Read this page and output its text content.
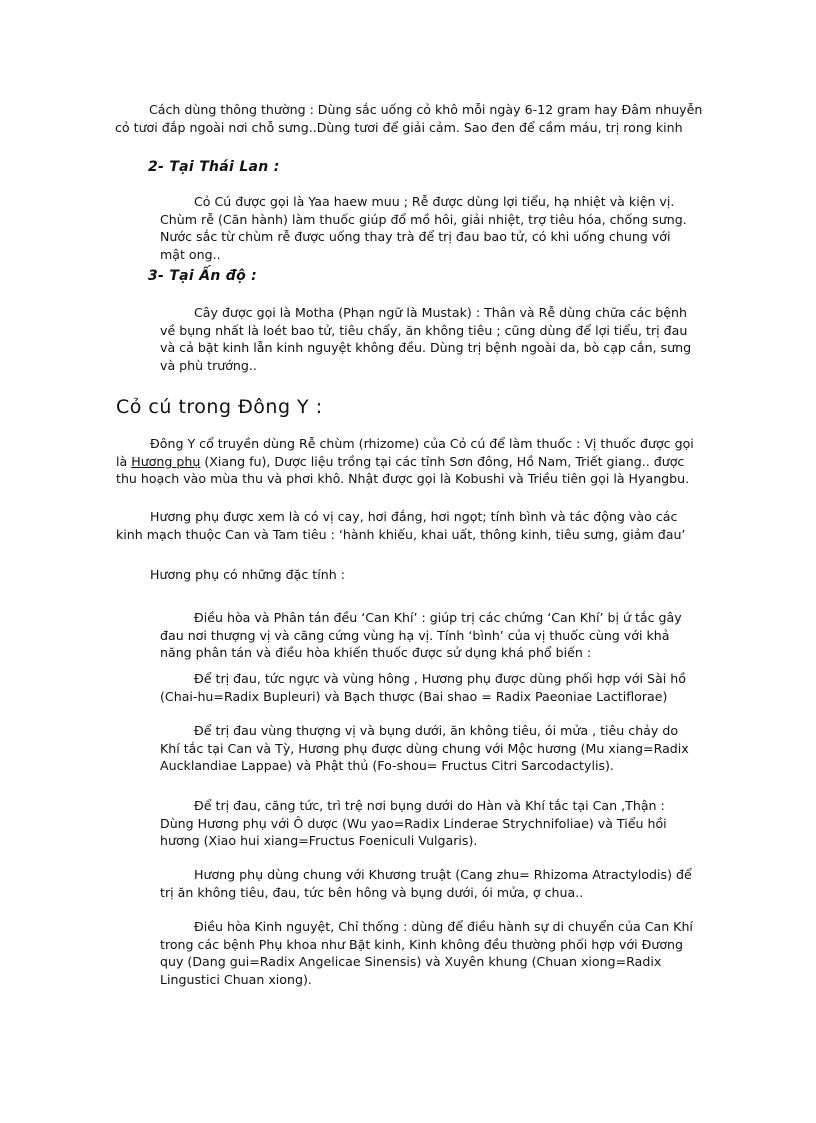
Cách dùng thông thường : Dùng sắc uống cỏ khô mỗi ngày 6-12 gram hay Đâm nhuyễn cỏ tươi đắp ngoài nơi chỗ sưng..Dùng tươi để giải cảm. Sao đen để cầm máu, trị rong kinh

2- Tại Thái Lan :

Cỏ Cú được gọi là Yaa haew muu ; Rễ được dùng lợi tiểu, hạ nhiệt và kiện vị. Chùm rễ (Căn hành) làm thuốc giúp đổ mồ hôi, giải nhiệt, trợ tiêu hóa, chống sưng. Nước sắc từ chùm rễ được uống thay trà để trị đau bao tử, có khi uống chung với mật ong..

3- Tại Ấn độ :

Cây được gọi là Motha (Phạn ngữ là Mustak) : Thân và Rễ dùng chữa các bệnh về bụng nhất là loét bao tử, tiêu chẩy, ăn không tiêu ; cũng dùng để lợi tiểu, trị đau và cả bặt kinh lẫn kinh nguyệt không đều. Dùng trị bệnh ngoài da, bò cạp cắn, sưng và phù trướng..

Cỏ cú trong Đông Y :

Đông Y cổ truyền dùng Rễ chùm (rhizome) của Cỏ cú để làm thuốc : Vị thuốc được gọi là Hương phụ (Xiang fu), Dược liệu trồng tại các tỉnh Sơn đông, Hồ Nam, Triết giang.. được thu hoạch vào mùa thu và phơi khô. Nhật được gọi là Kobushi và Triều tiên gọi là Hyangbu.

Hương phụ được xem là có vị cay, hơi đắng, hơi ngọt; tính bình và tác động vào các kinh mạch thuộc Can và Tam tiêu : ‘hành khiếu, khai uất, thông kinh, tiêu sưng, giảm đau’

Hương phụ có những đặc tính :

Điều hòa và Phân tán đều ‘Can Khí’ : giúp trị các chứng ‘Can Khí’ bị ứ tắc gây đau nơi thượng vị và căng cứng vùng hạ vị. Tính ‘bình’ của vị thuốc cùng với khả năng phân tán và điều hòa khiến thuốc được sử dụng khá phổ biến :

Để trị đau, tức ngực và vùng hông , Hương phụ được dùng phối hợp với Sài hồ (Chai-hu=Radix Bupleuri) và Bạch thược (Bai shao = Radix Paeoniae Lactiflorae)

Để trị đau vùng thượng vị và bụng dưới, ăn không tiêu, ói mửa , tiêu chảy do Khí tắc tại Can và Tỳ, Hương phụ được dùng chung với Mộc hương (Mu xiang=Radix Aucklandiae Lappae) và Phật thủ (Fo-shou= Fructus Citri Sarcodactylis).

Để trị đau, căng tức, trì trệ nơi bụng dưới do Hàn và Khí tắc tại Can ,Thận : Dùng Hương phụ với Ô dược (Wu yao=Radix Linderae Strychnifoliae) và Tiểu hồi hương (Xiao hui xiang=Fructus Foeniculi Vulgaris).

Hương phụ dùng chung với Khương truật (Cang zhu= Rhizoma Atractylodis) để trị ăn không tiêu, đau, tức bên hông và bụng dưới, ói mửa, ợ chua..

Điều hòa Kinh nguyệt, Chỉ thống : dùng để điều hành sự di chuyển của Can Khí trong các bệnh Phụ khoa như Bặt kinh, Kinh không đều thường phối hợp với Đương quy (Dang gui=Radix Angelicae Sinensis) và Xuyên khung (Chuan xiong=Radix Lingustici Chuan xiong).
